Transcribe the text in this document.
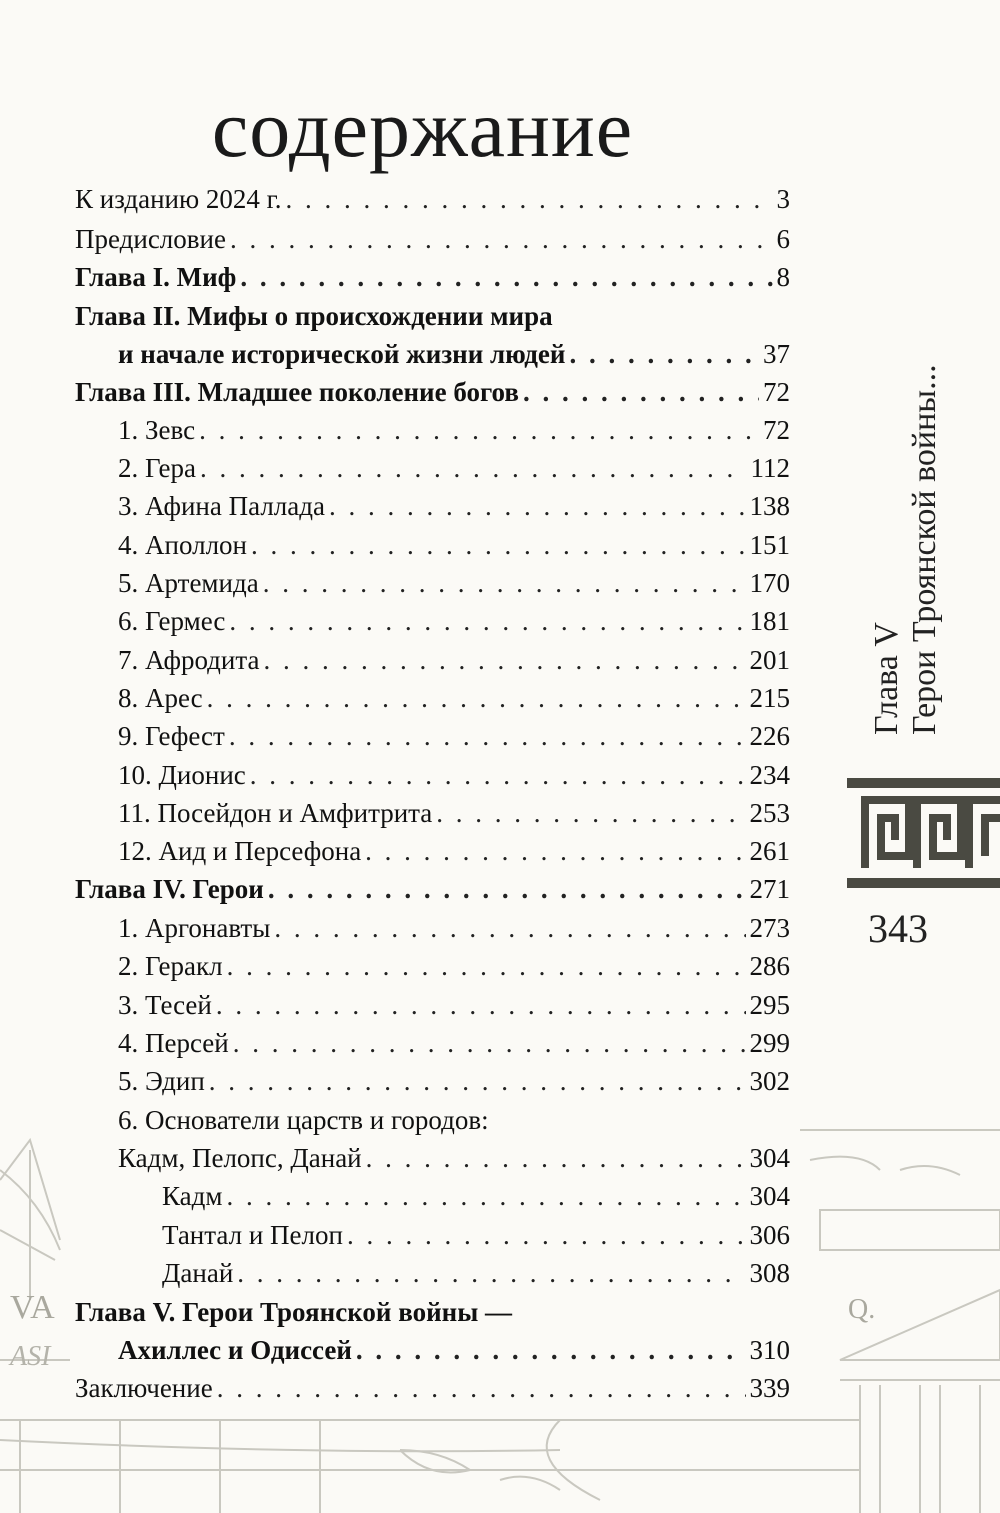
VA
ASI
Q.
содержание
К изданию 2024 г. . . .	3
Предисловие . . .	6
Глава I. Миф . . .	8
Глава II. Мифы о происхождении мира
и начале исторической жизни людей . . .	37
Глава III. Младшее поколение богов . . .	72
1. Зевс . . .	72
2. Гера . . .	112
3. Афина Паллада . . .	138
4. Аполлон . . .	151
5. Артемида . . .	170
6. Гермес . . .	181
7. Афродита . . .	201
8. Арес . . .	215
9. Гефест . . .	226
10. Дионис . . .	234
11. Посейдон и Амфитрита . . .	253
12. Аид и Персефона . . .	261
Глава IV. Герои . . .	271
1. Аргонавты . . .	273
2. Геракл . . .	286
3. Тесей . . .	295
4. Персей . . .	299
5. Эдип . . .	302
6. Основатели царств и городов:
Кадм, Пелопс, Данай . . .	304
Кадм . . .	304
Тантал и Пелоп . . .	306
Данай . . .	308
Глава V. Герои Троянской войны —
Ахиллес и Одиссей . . .	310
Заключение . . .	339
Глава V Герои Троянской войны...
343
